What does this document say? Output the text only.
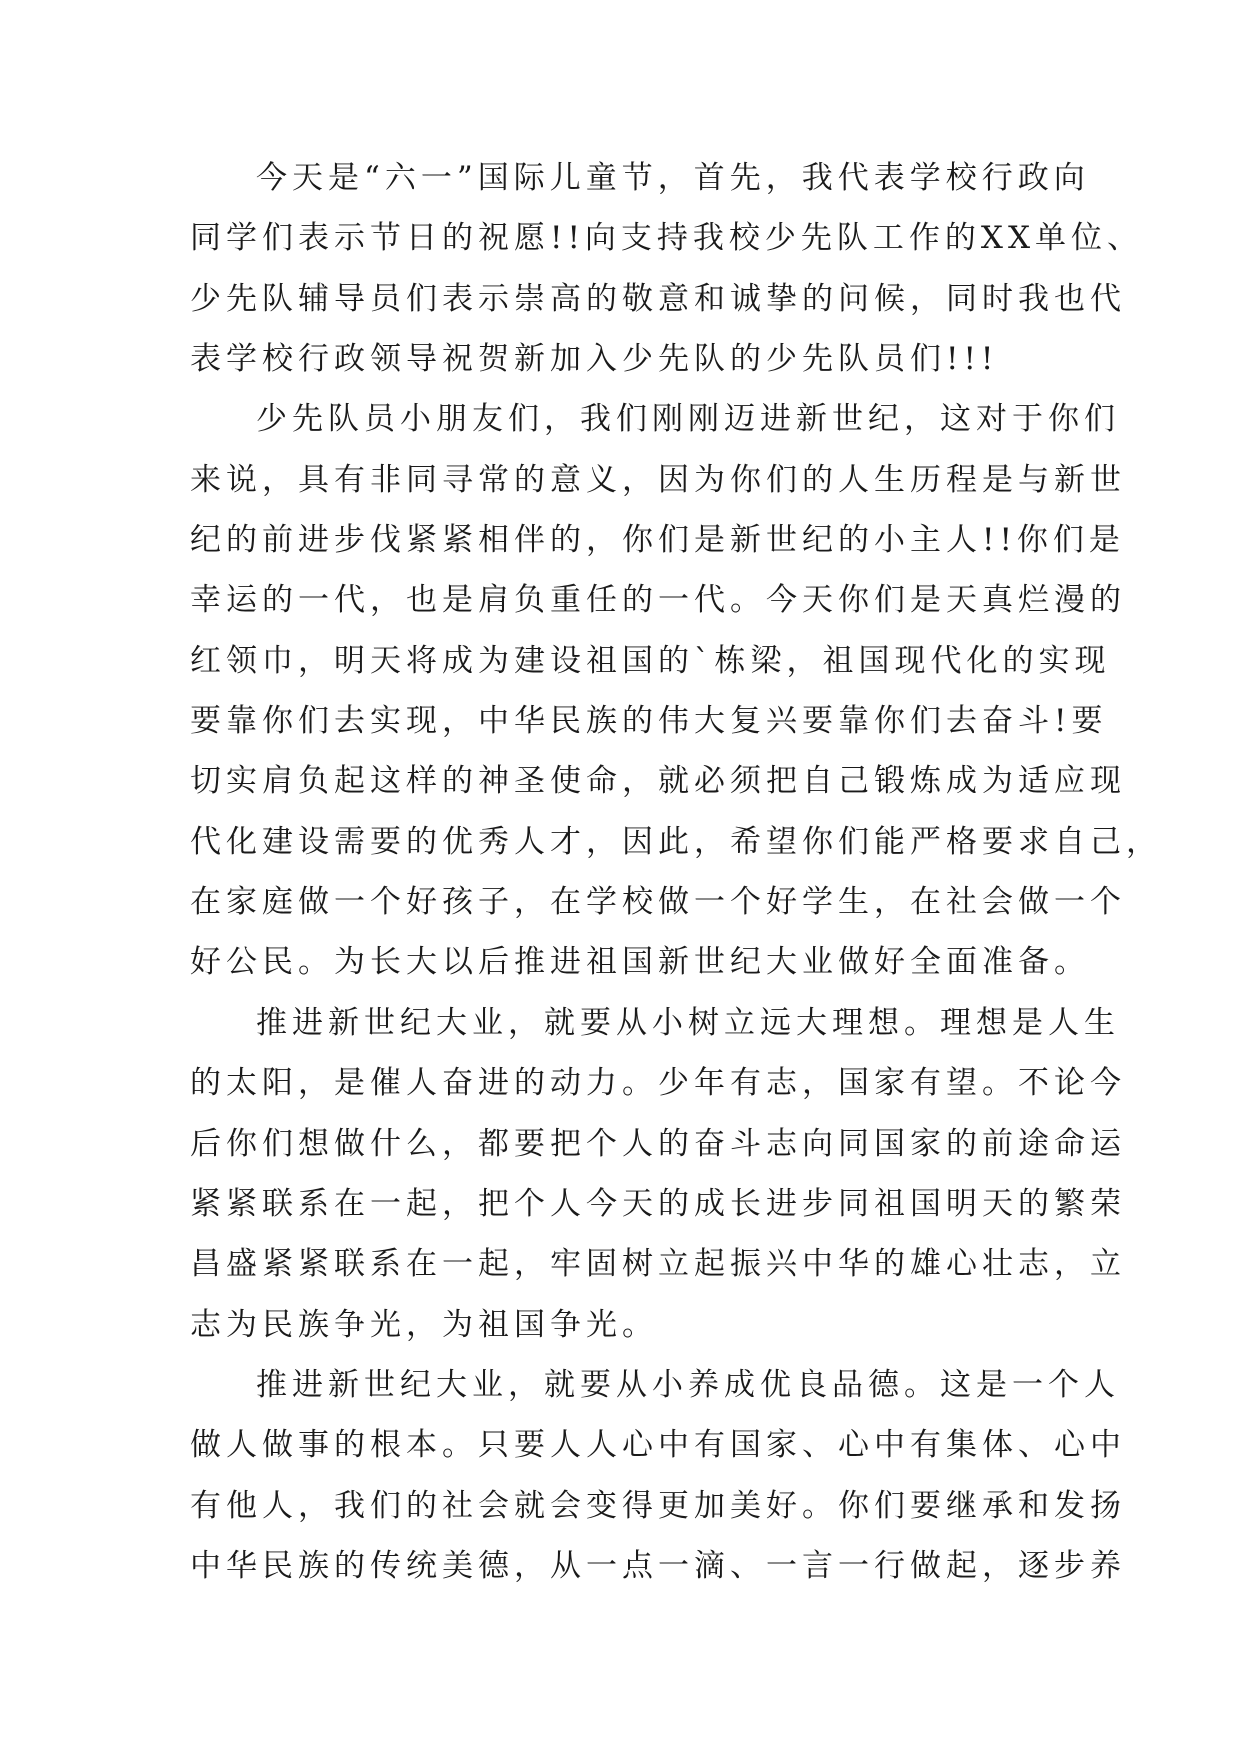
今天是“六一”国际儿童节，首先，我代表学校行政向

同学们表示节日的祝愿!!向支持我校少先队工作的XX单位、

少先队辅导员们表示崇高的敬意和诚挚的问候，同时我也代

表学校行政领导祝贺新加入少先队的少先队员们!!!

少先队员小朋友们，我们刚刚迈进新世纪，这对于你们

来说，具有非同寻常的意义，因为你们的人生历程是与新世

纪的前进步伐紧紧相伴的，你们是新世纪的小主人!!你们是

幸运的一代，也是肩负重任的一代。今天你们是天真烂漫的

红领巾，明天将成为建设祖国的`栋梁，祖国现代化的实现

要靠你们去实现，中华民族的伟大复兴要靠你们去奋斗!要

切实肩负起这样的神圣使命，就必须把自己锻炼成为适应现

代化建设需要的优秀人才，因此，希望你们能严格要求自己，

在家庭做一个好孩子，在学校做一个好学生，在社会做一个

好公民。为长大以后推进祖国新世纪大业做好全面准备。

推进新世纪大业，就要从小树立远大理想。理想是人生

的太阳，是催人奋进的动力。少年有志，国家有望。不论今

后你们想做什么，都要把个人的奋斗志向同国家的前途命运

紧紧联系在一起，把个人今天的成长进步同祖国明天的繁荣

昌盛紧紧联系在一起，牢固树立起振兴中华的雄心壮志，立

志为民族争光，为祖国争光。

推进新世纪大业，就要从小养成优良品德。这是一个人

做人做事的根本。只要人人心中有国家、心中有集体、心中

有他人，我们的社会就会变得更加美好。你们要继承和发扬

中华民族的传统美德，从一点一滴、一言一行做起，逐步养
